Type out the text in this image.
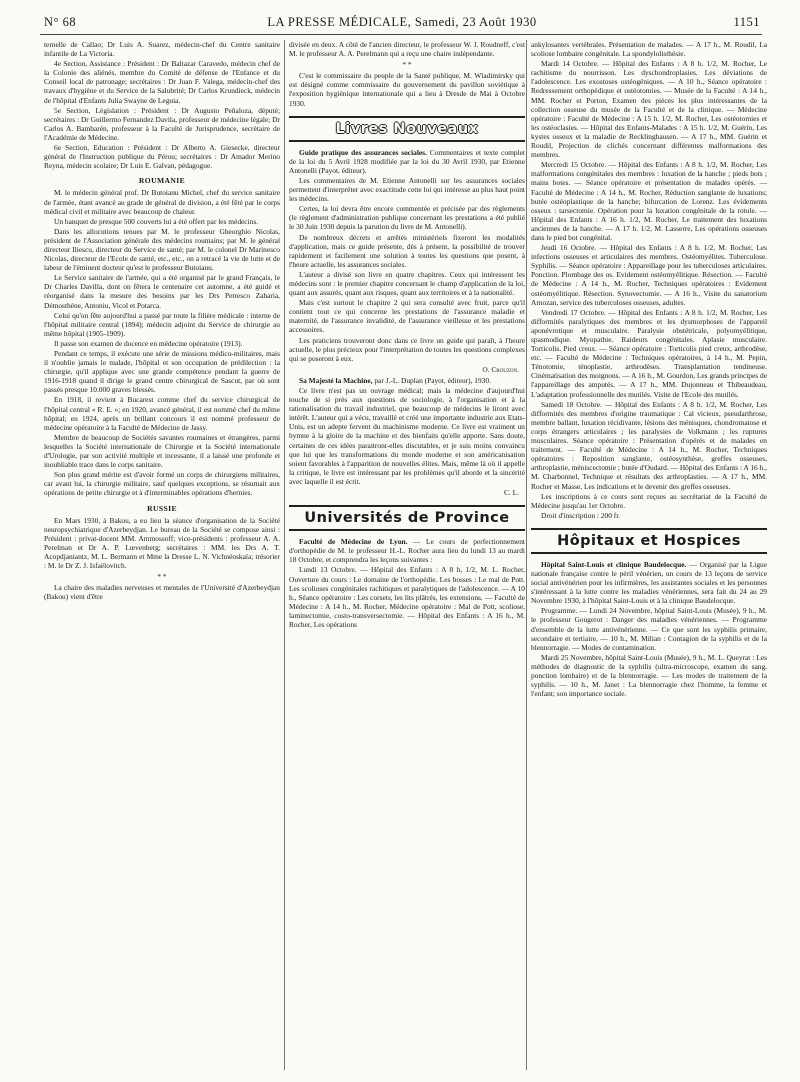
N° 68	LA PRESSE MÉDICALE, Samedi, 23 Août 1930	1151

ternelle de Callao; Dr Luis A. Suarez, médecin-chef du Centre sanitaire infantile de La Victoria.

4e Section, Assistance : Président : Dr Baltazar Caravedo, médecin chef de la Colonie des aliénés, membre du Comité de défense de l'Enfance et du Conseil local de patronage; secrétaires : Dr Juan F. Valega, médecin-chef des travaux d'hygiène et du Service de la Salubrité; Dr Carlos Krundieck, médecin de l'hôpital d'Enfants Julia Swayne de Leguia.

5e Section, Législation : Président : Dr Augusto Peñaloza, député; secrétaires : Dr Guillermo Fernandez Davila, professeur de médecine légale; Dr Carlos A. Bambarén, professeur à la Faculté de Jurisprudence, secrétaire de l'Académie de Médecine.

6e Section, Education : Président : Dr Alberto A. Giesecke, directeur général de l'Instruction publique du Pérou; secrétaires : Dr Amador Merino Reyna, médecin scolaire; Dr Luis E. Galvan, pédagogue.

ROUMANIE

M. le médecin général prof. Dr Butoianu Michel, chef du service sanitaire de l'armée, étant avancé au grade de général de division, a été fêté par le corps médical civil et militaire avec beaucoup de chaleur.

Un banquet de presque 500 couverts lui a été offert par les médecins.

Dans les allocutions tenues par M. le professeur Gheorghio Nicolas, président de l'Association générale des médecins roumains; par M. le général directeur Iliescu, directeur du Service de santé; par M. le colonel Dr Marinesco Nicolas, directeur de l'Ecole de santé, etc., etc., on a retracé la vie de lutte et de labeur de l'éminent docteur qu'est le professeur Butoianu.

Le Service sanitaire de l'armée, qui a été organisé par le grand Français, le Dr Charles Davilla, dont on fêtera le centenaire cet automne, a été guidé et réorganisé dans la mesure des besoins par les Drs Petresco Zaharia, Démosthène, Antoniu, Vicol et Potarca.

Celui qu'on fête aujourd'hui a passé par toute la filière médicale : interne de l'hôpital militaire central (1894); médecin adjoint du Service de chirurgie au même hôpital (1905-1909).

Il passe son examen de docence en médecine opératoire (1913).

Pendant ce temps, il exécute une série de missions médico-militaires, mais il n'oublie jamais le malade, l'hôpital et son occupation de prédilection : la chirurgie, qu'il applique avec une grande compétence pendant la guerre de 1916-1918 quand il dirige le grand centre chirurgical de Sascut, par où sont passés presque 10.000 graves blessés.

En 1918, il revient à Bucarest comme chef du service chirurgical de l'hôpital central « R. E. »; en 1920, avancé général, il est nommé chef du même hôpital; en 1924, après un brillant concours il est nommé professeur de médecine opératoire à la Faculté de Médecine de Jassy.

Membre de beaucoup de Sociétés savantes roumaines et étrangères, parmi lesquelles la Société internationale de Chirurgie et la Société internationale d'Urologie, par son activité multiple et incessante, il a laissé une profonde et inoubliable trace dans le corps sanitaire.

Son plus grand mérite est d'avoir formé un corps de chirurgiens militaires, car avant lui, la chirurgie militaire, sauf quelques exceptions, se résumait aux opérations de petite chirurgie et à d'interminables opérations d'hernies.

RUSSIE

En Mars 1930, à Bakou, a eu lieu la séance d'organisation de la Société neuropsychiatrique d'Azerbeydjan. Le bureau de la Société se compose ainsi : Président : privat-docent MM. Ammossoff; vice-présidents : professeur A. A. Perelman et Dr A. P. Lœvenberg; secrétaires : MM. les Drs A. T. Acopdjaniantz, M. L. Bermann et Mme la Dresse L. N. Vichnéoskaïa; trésorier : M. le Dr Z. J. Isfaëlovitch.

* *

La chaire des maladies nerveuses et mentales de l'Université d'Azerbeydjan (Bakou) vient d'être

divisée en deux. A côté de l'ancien directeur, le professeur W. J. Roudneff, c'est M. le professeur A. A. Perelmann qui a reçu une chaire indépendante.

* *

C'est le commissaire du peuple de la Santé publique, M. Wladimirsky qui est désigné comme commissaire du gouvernement du pavillon soviétique à l'exposition hygiénique internationale qui a lieu à Dresde de Mai à Octobre 1930.

Livres Nouveaux

Guide pratique des assurances sociales. Commentaires et texte complet de la loi du 5 Avril 1928 modifiée par la loi du 30 Avril 1930, par Etienne Antonelli (Payot, éditeur).

Les commentaires de M. Etienne Antonelli sur les assurances sociales permettent d'interpréter avec exactitude cette loi qui intéresse au plus haut point les médecins.

Certes, la loi devra être encore commentée et précisée par des règlements (le règlement d'administration publique concernant les prestations a été publié le 30 Juin 1930 depuis la parution du livre de M. Antonelli).

De nombreux décrets et arrêtés ministériels fixeront les modalités d'application, mais ce guide présente, dès à présent, la possibilité de trouver rapidement et facilement une solution à toutes les questions que posent, à l'heure actuelle, les assurances sociales.

L'auteur a divisé son livre en quatre chapitres. Ceux qui intéressent les médecins sont : le premier chapitre concernant le champ d'application de la loi, quant aux assurés, quant aux risques, quant aux territoires et à la nationalité.

Mais c'est surtout le chapitre 2 qui sera consulté avec fruit, parce qu'il contient tout ce qui concerne les prestations de l'assurance maladie et maternité, de l'assurance invalidité, de l'assurance vieillesse et les prestations accessoires.

Les praticiens trouveront donc dans ce livre un guide qui paraît, à l'heure actuelle, le plus précieux pour l'interprétation de toutes les questions complexes qui se poseront à eux.

O. Crouzon.

Sa Majesté la Machine, par J.-L. Duplan (Payot, éditeur), 1930.

Ce livre n'est pas un ouvrage médical; mais la médecine d'aujourd'hui touche de si près aux questions de sociologie, à l'organisation et à la rationalisation du travail industriel, que beaucoup de médecins le liront avec intérêt. L'auteur qui a vécu, travaillé et créé une importante industrie aux Etats-Unis, est un adepte fervent du machinisme moderne. Ce livre est vraiment un hymne à la gloire de la machine et des bienfaits qu'elle apporte. Sans doute, certaines de ces idées paraitront-elles discutables, et je suis moins convaincu que lui que les transformations du monde moderne et son américanisation soient favorables à l'apparition de nouvelles élites. Mais, même là où il appelle la critique, le livre est intéressant par les problèmes qu'il aborde et la sincérité avec laquelle il est écrit.

C. L.
Universités de Province

Faculté de Médecine de Lyon. — Le cours de perfectionnement d'orthopédie de M. le professeur H.-L. Rocher aura lieu du lundi 13 au mardi 18 Octobre, et comprendra les leçons suivantes :

Lundi 13 Octobre. — Hôpital des Enfants : A 8 h, 1/2, M. L. Rocher, Ouverture du cours : Le domaine de l'orthopédie. Les bosses : Le mal de Pott. Les scolioses congénitales rachitiques et paralytiques de l'adolescence. — A 10 h., Séance opératoire : Les corsets, les lits plâtrés, les extensions. — Faculté de Médecine : A 14 h., M. Rocher, Médecine opératoire : Mal de Pott, scoliose, laminectomie, costo-transversectomie. — Hôpital des Enfants : A 16 h., M. Rocher, Les opérations

ankylosantes vertébrales. Présentation de malades. — A 17 h., M. Roudil, La scoliose lombaire congénitale. La spondylolisthésie.

Mardi 14 Octobre. — Hôpital des Enfants : A 8 h. 1/2, M. Rocher, Le rachitisme du nourrisson. Les dyschondroplasies. Les déviations de l'adolescence. Les exostoses ostéogéniques. — A 10 h., Séance opératoire : Redressement orthopédique et ostéotomies. — Musée de la Faculté : A 14 h., MM. Rocher et Porton, Examen des pièces les plus intéressantes de la collection osseuse du musée de la Faculté et de la clinique. — Médecine opératoire : Faculté de Médecine : A 15 h. 1/2, M. Rocher, Les ostéotomies et les ostéoclasies. — Hôpital des Enfants-Malades : A 15 h. 1/2, M. Guérin, Les kystes osseux et la maladie de Recklinghausen. — A 17 h., MM. Guérin et Roudil, Projection de clichés concernant différentes malformations des membres.

Mercredi 15 Octobre. — Hôpital des Enfants : A 8 h. 1/2, M. Rocher, Les malformations congénitales des membres : luxation de la hanche ; pieds bots ; mains botes. — Séance opératoire et présentation de malades opérés. — Faculté de Médecine : A 14 h., M. Rocher, Réduction sanglante de luxations; butée ostéoplastique de la hanche; bifurcation de Lorenz. Les évidements osseux : tarsectomie. Opération pour la luxation congénitale de la rotule. — Hôpital des Enfants : A 16 h. 1/2, M. Rocher, Le traitement des luxations anciennes de la hanche. — A 17 h. 1/2, M. Lasserre, Les opérations osseuses dans le pied bot congénital.

Jeudi 16 Octobre. — Hôpital des Enfants : A 8 h. 1/2, M. Rocher, Les infections osseuses et articulaires des membres. Ostéomyélites. Tuberculose. Syphilis. — Séance opératoire : Appareillage pour les tuberculoses articulaires. Ponction. Plombage des os. Evidement ostéomyélitique. Résection. — Faculté de Médecine : A 14 h., M. Rocher, Techniques opératoires : Evidement ostéomyélitique. Résection. Synovectomie. — A 16 h., Visite du sanatorium Arnozan, service des tuberculoses osseuses, adultes.

Vendredi 17 Octobre. — Hôpital des Enfants : A 8 h. 1/2, M. Rocher, Les difformités paralytiques des membres et les dysmorphoses de l'appareil aponévrotique et musculaire. Paralysie obstétricale, polyomyélitique, spasmodique. Myopathie. Raideurs congénitales. Aplasie musculaire. Torticolis. Pied creux. — Séance opératoire : Torticolis pied creux, arthrodèse, etc. — Faculté de Médecine : Techniques opératoires, à 14 h., M. Pepin, Ténotomie, ténoplastie, arthrodèses. Transplantation tendineuse. Cinématisation des moignons. — A 16 h., M. Gourdon, Les grands principes de l'appareillage des amputés. — A 17 h., MM. Dujonneau et Thibeaudeau, L'adaptation professionnelle des mutilés. Visite de l'Ecole des mutilés.

Samedi 18 Octobre. — Hôpital des Enfants : A 8 h. 1/2, M. Rocher, Les difformités des membres d'origine traumatique : Cal vicieux, pseudarthrose, membre ballant, luxation récidivante, lésions des ménisques, chondromatose et corps étrangers articulaires ; les paralysies de Volkmann ; les ruptures musculaires. Séance opératoire : Présentation d'opérés et de malades en traitement. — Faculté de Médecine : A 14 h., M. Rocher, Techniques opératoires : Reposition sanglante, ostéosynthèse, greffes osseuses, arthroplastie, méniscectomie ; butée d'Oudard. — Hôpital des Enfants : A 16 h., M. Charbonnel, Technique et résultats des arthroplasties. — A 17 h., MM. Rocher et Masse, Les indications et le devenir des greffes osseuses.

Les inscriptions à ce cours sont reçues au secrétariat de la Faculté de Médecine jusqu'au 1er Octobre.

Droit d'inscription : 200 fr.

Hôpitaux et Hospices

Hôpital Saint-Louis et clinique Baudelocque. — Organisé par la Ligue nationale française contre le péril vénérien, un cours de 13 leçons de service social antivénérien pour les infirmières, les assistantes sociales et les personnes s'intéressant à la lutte contre les maladies vénériennes, sera fait du 24 au 29 Novembre 1930, à l'hôpital Saint-Louis et à la clinique Baudelocque.

Programme. — Lundi 24 Novembre, hôpital Saint-Louis (Musée), 9 h., M. le professeur Gougerot : Danger des maladies vénériennes. — Programme d'ensemble de la lutte antivénérienne. — Ce que sont les syphilis primaire, secondaire et tertiaire. — 10 h., M. Milian : Contagion de la syphilis et de la blennorragie. — Modes de contamination.

Mardi 25 Novembre, hôpital Saint-Louis (Musée), 9 h., M. L. Queyrat : Les méthodes de diagnostic de la syphilis (ultra-microscope, examen du sang, ponction lombaire) et de la blennorragie. — Les modes de traitement de la syphilis. — 10 h., M. Janet : La blennorragie chez l'homme, la femme et l'enfant; son importance sociale.
